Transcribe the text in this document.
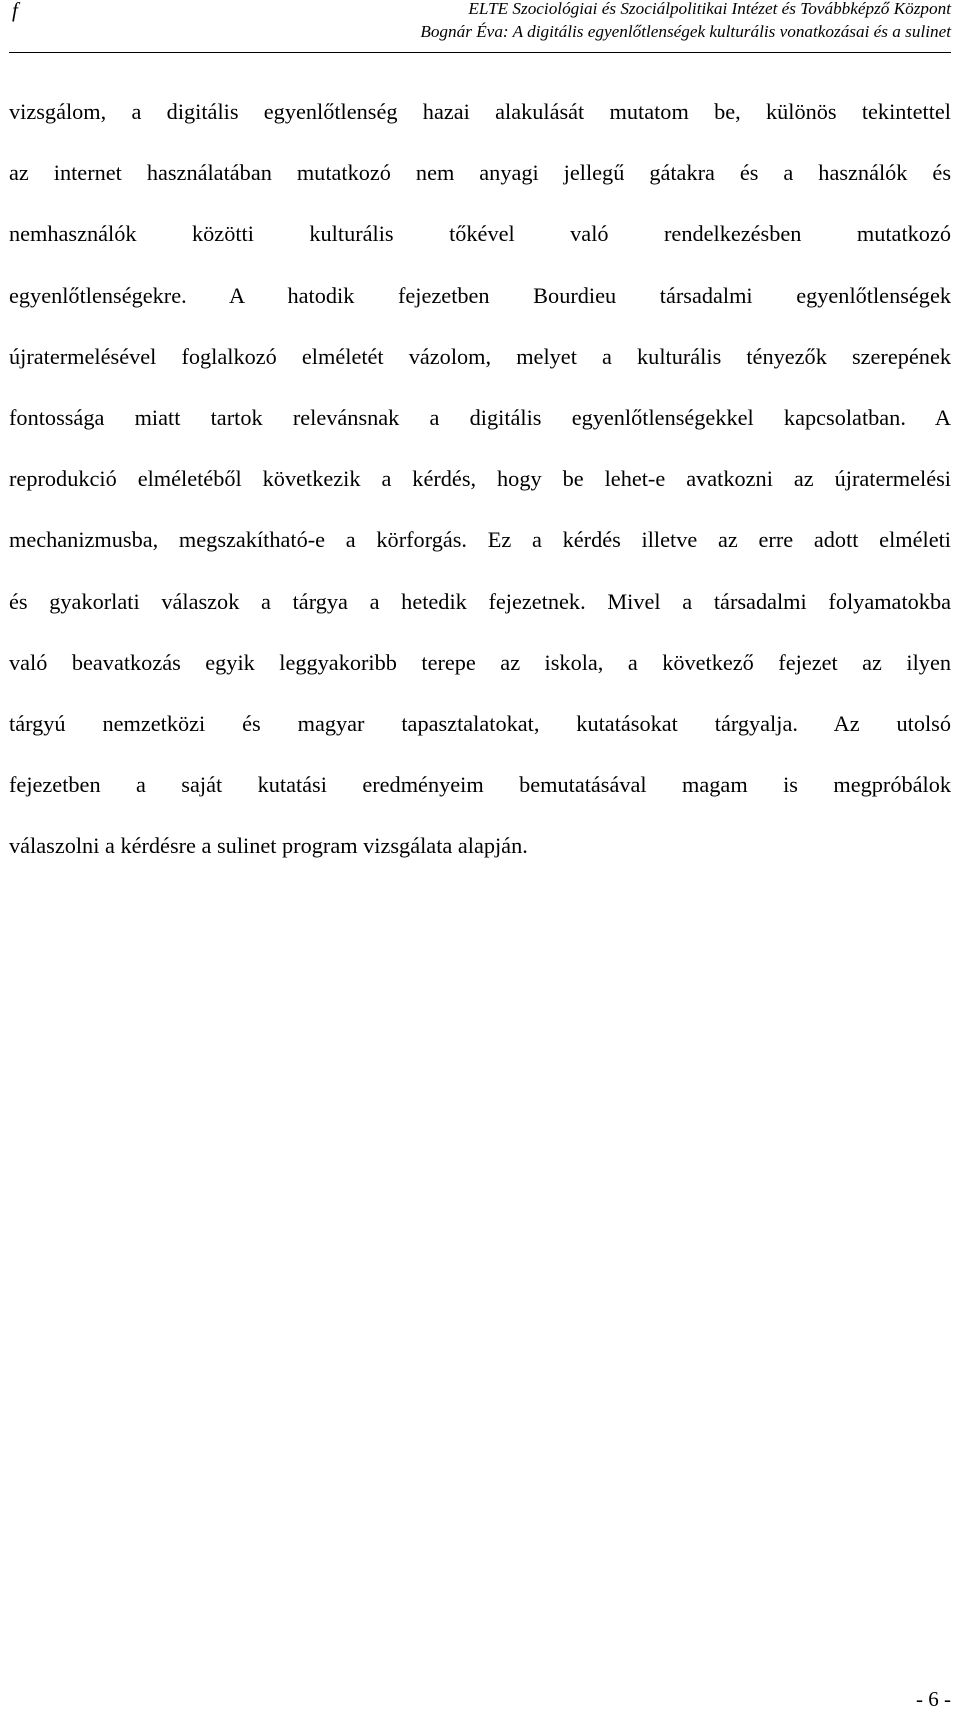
f	ELTE Szociológiai és Szociálpolitikai Intézet és Továbbképző Központ
Bognár Éva: A digitális egyenlőtlenségek kulturális vonatkozásai és a sulinet
vizsgálom, a digitális egyenlőtlenség hazai alakulását mutatom be, különös tekintettel
az internet használatában mutatkozó nem anyagi jellegű gátakra és a használók és
nemhasználók közötti kulturális tőkével való rendelkezésben mutatkozó
egyenlőtlenségekre. A hatodik fejezetben Bourdieu társadalmi egyenlőtlenségek
újratermelésével foglalkozó elméletét vázolom, melyet a kulturális tényezők szerepének
fontossága miatt tartok relevánsnak a digitális egyenlőtlenségekkel kapcsolatban. A
reprodukció elméletéből következik a kérdés, hogy be lehet-e avatkozni az újratermelési
mechanizmusba, megszakítható-e a körforgás. Ez a kérdés illetve az erre adott elméleti
és gyakorlati válaszok a tárgya a hetedik fejezetnek. Mivel a társadalmi folyamatokba
való beavatkozás egyik leggyakoribb terepe az iskola, a következő fejezet az ilyen
tárgyú nemzetközi és magyar tapasztalatokat, kutatásokat tárgyalja. Az utolsó
fejezetben a saját kutatási eredményeim bemutatásával magam is megpróbálok
válaszolni a kérdésre a sulinet program vizsgálata alapján.
- 6 -
